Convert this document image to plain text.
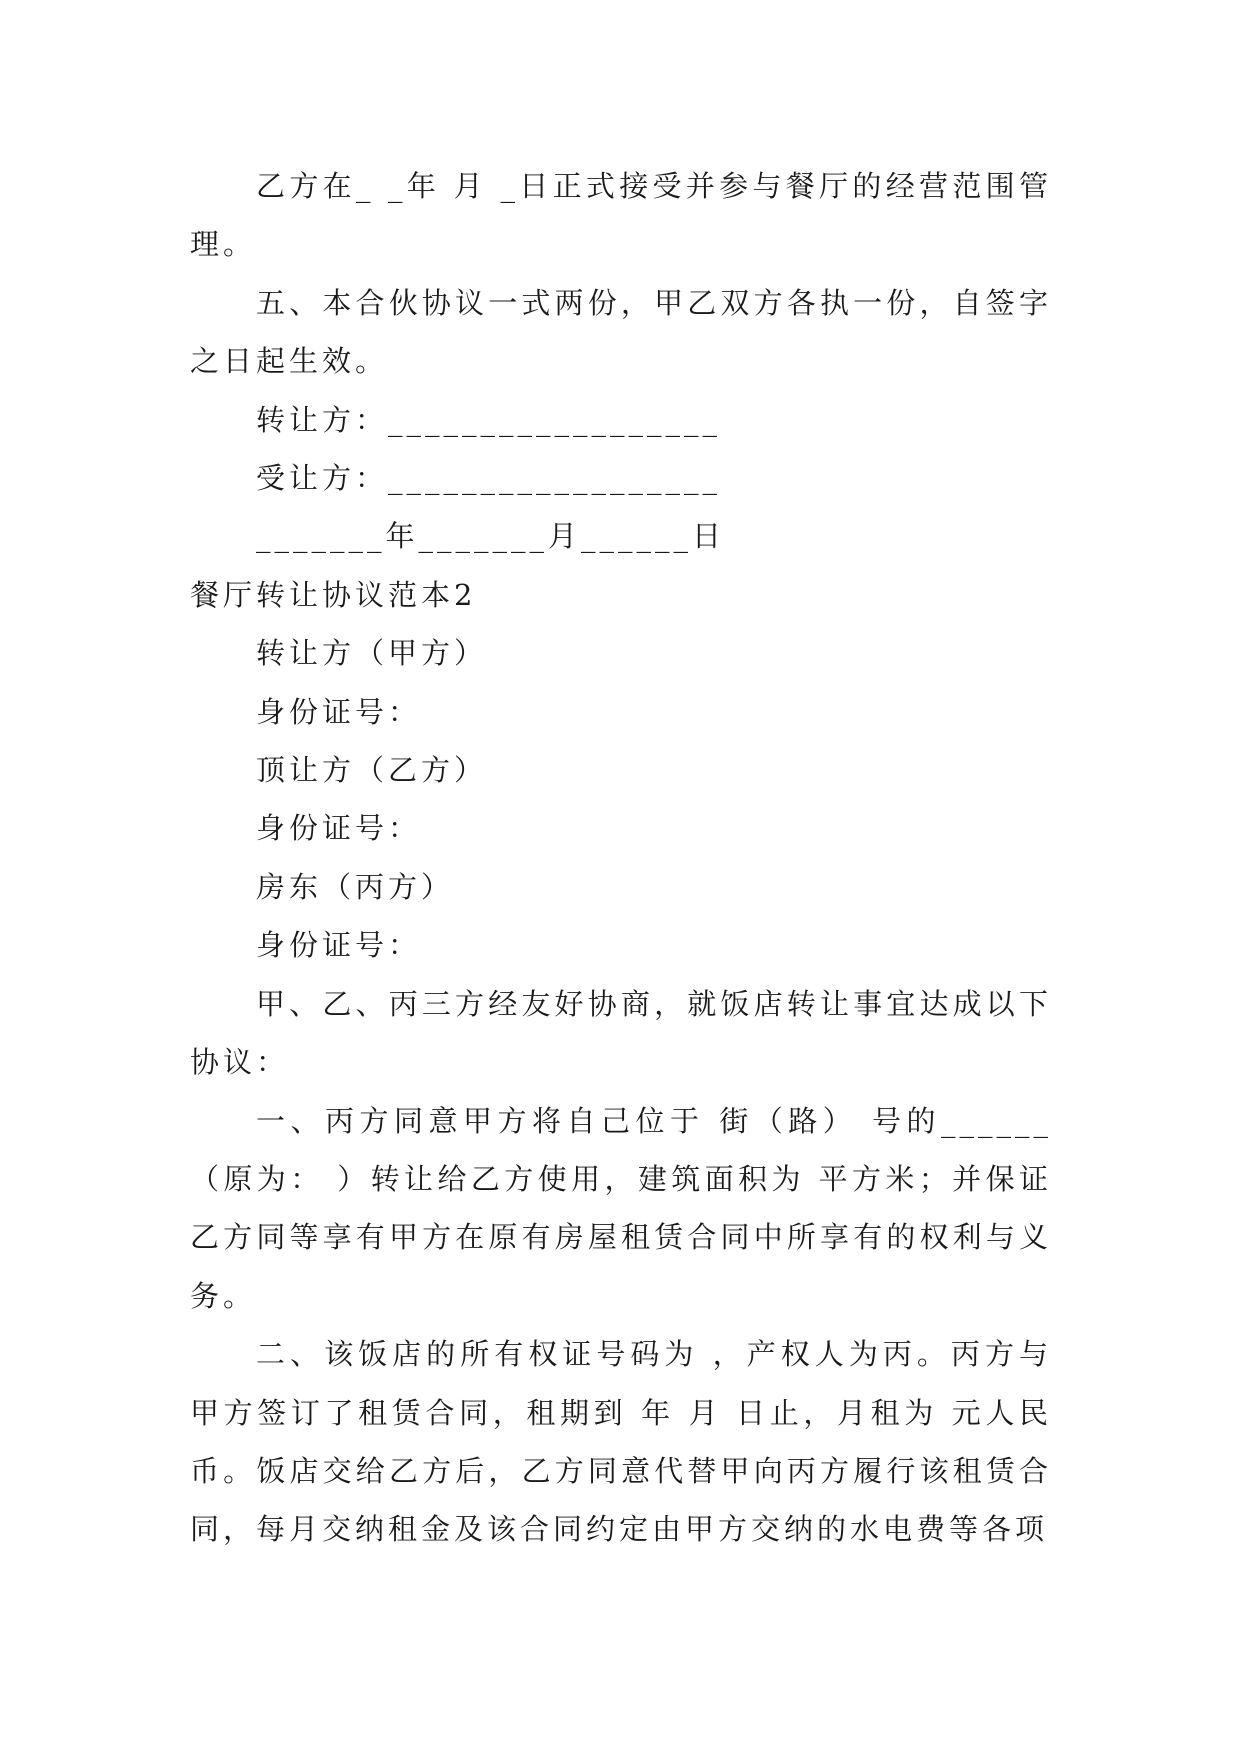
乙方在_ _年 月 _日正式接受并参与餐厅的经营范围管理。

五、本合伙协议一式两份，甲乙双方各执一份，自签字之日起生效。

转让方：__________________

受让方：__________________

_______年_______月______日

餐厅转让协议范本2

转让方（甲方）

身份证号：

顶让方（乙方）

身份证号：

房东（丙方）

身份证号：

甲、乙、丙三方经友好协商，就饭店转让事宜达成以下协议：

一、丙方同意甲方将自己位于 街（路） 号的______（原为： ）转让给乙方使用，建筑面积为 平方米；并保证乙方同等享有甲方在原有房屋租赁合同中所享有的权利与义务。

二、该饭店的所有权证号码为 ，产权人为丙。丙方与甲方签订了租赁合同，租期到 年 月 日止，月租为 元人民币。饭店交给乙方后，乙方同意代替甲向丙方履行该租赁合同，每月交纳租金及该合同约定由甲方交纳的水电费等各项
